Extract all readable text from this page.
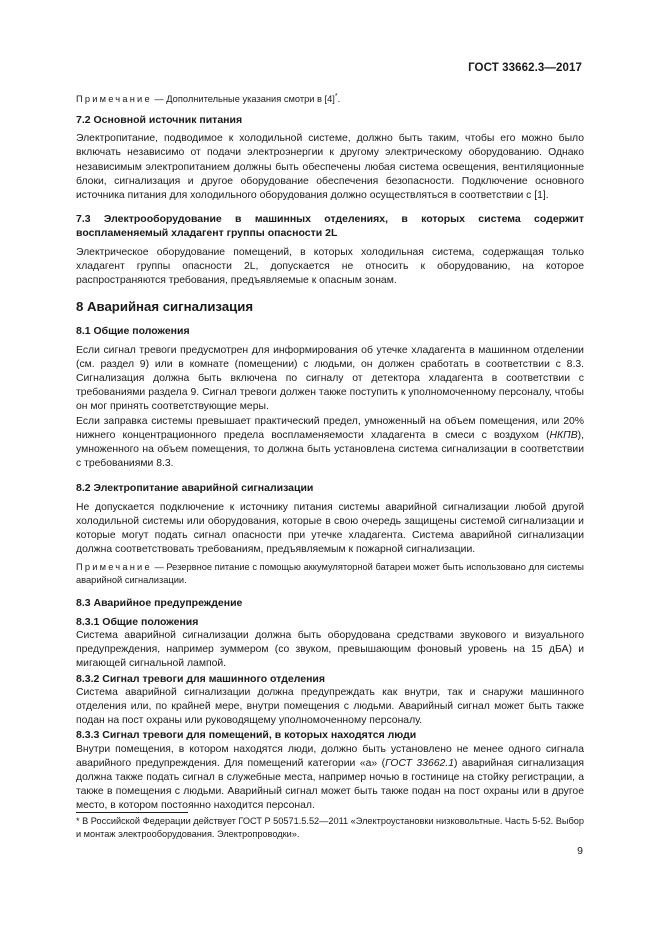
ГОСТ 33662.3—2017

Примечание — Дополнительные указания смотри в [4]*.

7.2 Основной источник питания

Электропитание, подводимое к холодильной системе, должно быть таким, чтобы его можно было включать независимо от подачи электроэнергии к другому электрическому оборудованию. Однако независимым электропитанием должны быть обеспечены любая система освещения, вентиляционные блоки, сигнализация и другое оборудование обеспечения безопасности. Подключение основного источника питания для холодильного оборудования должно осуществляться в соответствии с [1].

7.3 Электрооборудование в машинных отделениях, в которых система содержит воспламеняемый хладагент группы опасности 2L

Электрическое оборудование помещений, в которых холодильная система, содержащая только хладагент группы опасности 2L, допускается не относить к оборудованию, на которое распространяются требования, предъявляемые к опасным зонам.

8 Аварийная сигнализация

8.1 Общие положения

Если сигнал тревоги предусмотрен для информирования об утечке хладагента в машинном отделении (см. раздел 9) или в комнате (помещении) с людьми, он должен сработать в соответствии с 8.3. Сигнализация должна быть включена по сигналу от детектора хладагента в соответствии с требованиями раздела 9. Сигнал тревоги должен также поступить к уполномоченному персоналу, чтобы он мог принять соответствующие меры.

Если заправка системы превышает практический предел, умноженный на объем помещения, или 20% нижнего концентрационного предела воспламеняемости хладагента в смеси с воздухом (НКПВ), умноженного на объем помещения, то должна быть установлена система сигнализации в соответствии с требованиями 8.3.

8.2 Электропитание аварийной сигнализации

Не допускается подключение к источнику питания системы аварийной сигнализации любой другой холодильной системы или оборудования, которые в свою очередь защищены системой сигнализации и которые могут подать сигнал опасности при утечке хладагента. Система аварийной сигнализации должна соответствовать требованиям, предъявляемым к пожарной сигнализации.

Примечание — Резервное питание с помощью аккумуляторной батареи может быть использовано для системы аварийной сигнализации.

8.3 Аварийное предупреждение

8.3.1 Общие положения

Система аварийной сигнализации должна быть оборудована средствами звукового и визуального предупреждения, например зуммером (со звуком, превышающим фоновый уровень на 15 дБА) и мигающей сигнальной лампой.

8.3.2 Сигнал тревоги для машинного отделения

Система аварийной сигнализации должна предупреждать как внутри, так и снаружи машинного отделения или, по крайней мере, внутри помещения с людьми. Аварийный сигнал может быть также подан на пост охраны или руководящему уполномоченному персоналу.

8.3.3 Сигнал тревоги для помещений, в которых находятся люди

Внутри помещения, в котором находятся люди, должно быть установлено не менее одного сигнала аварийного предупреждения. Для помещений категории «а» (ГОСТ 33662.1) аварийная сигнализация должна также подать сигнал в служебные места, например ночью в гостинице на стойку регистрации, а также в помещения с людьми. Аварийный сигнал может быть также подан на пост охраны или в другое место, в котором постоянно находится персонал.

* В Российской Федерации действует ГОСТ Р 50571.5.52—2011 «Электроустановки низковольтные. Часть 5-52. Выбор и монтаж электрооборудования. Электропроводки».
9
